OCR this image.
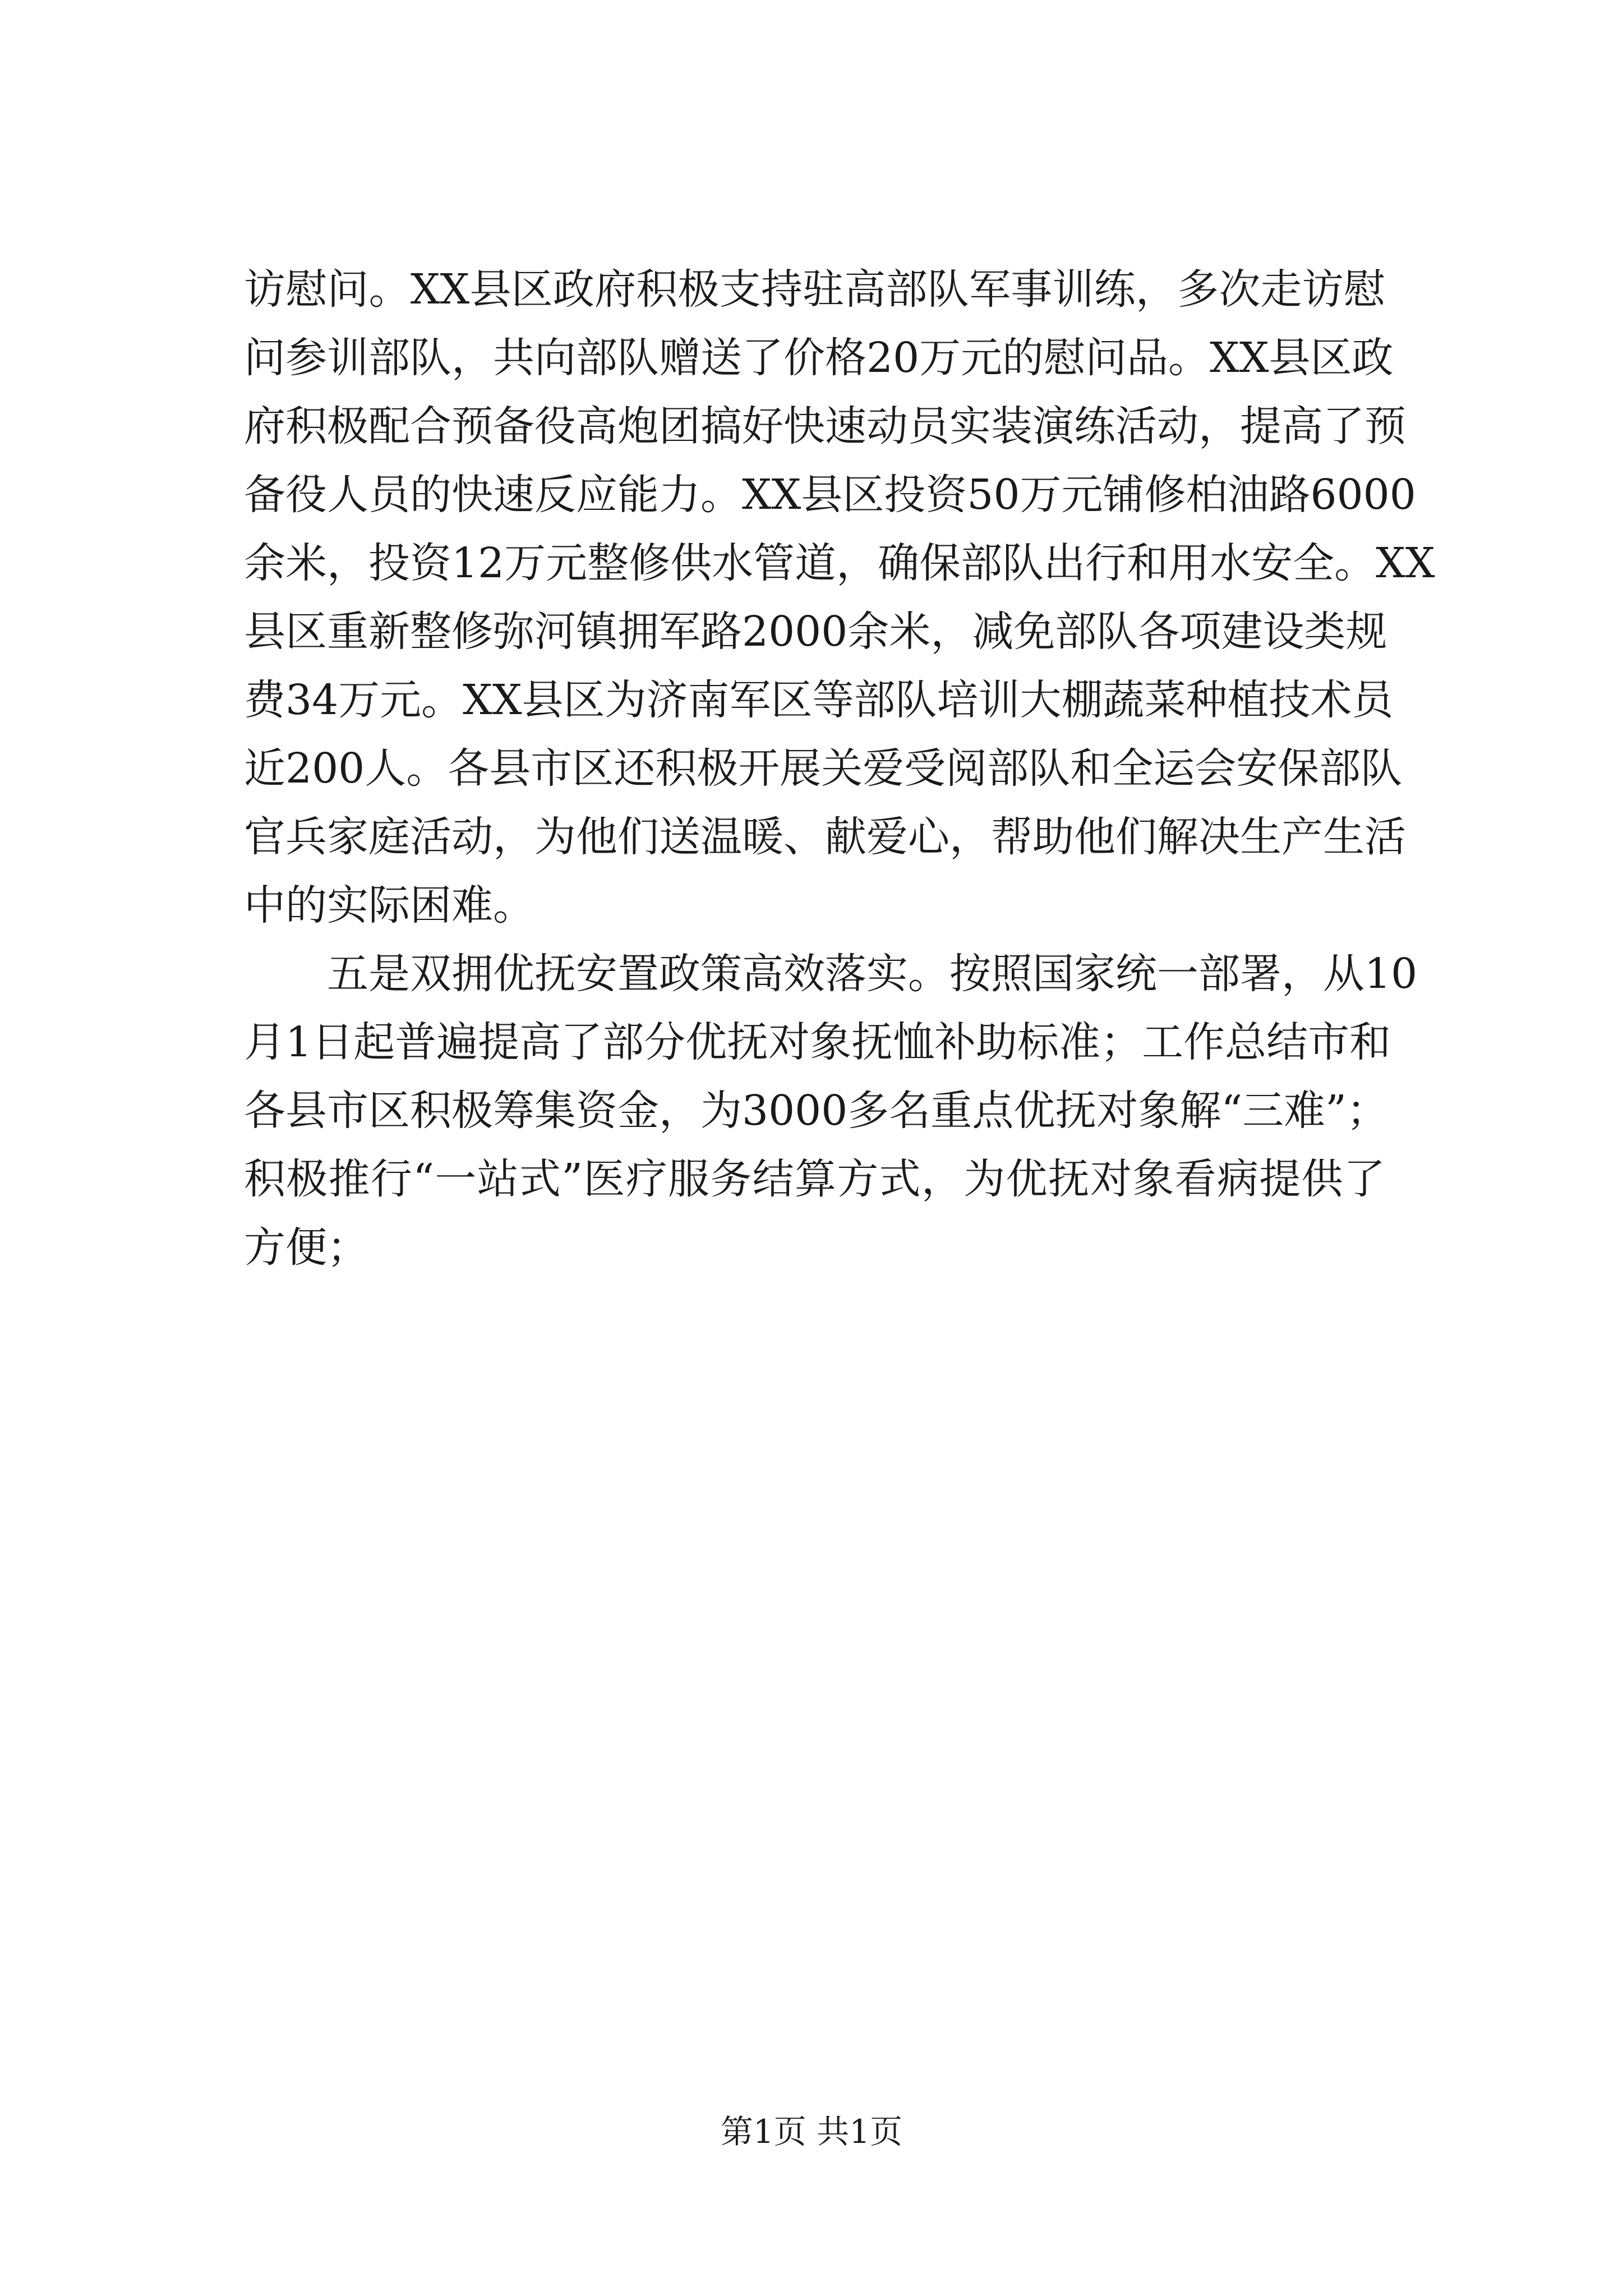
访慰问。XX县区政府积极支持驻高部队军事训练，多次走访慰
问参训部队，共向部队赠送了价格20万元的慰问品。XX县区政
府积极配合预备役高炮团搞好快速动员实装演练活动，提高了预
备役人员的快速反应能力。XX县区投资50万元铺修柏油路6000
余米，投资12万元整修供水管道，确保部队出行和用水安全。XX
县区重新整修弥河镇拥军路2000余米，减免部队各项建设类规
费34万元。XX县区为济南军区等部队培训大棚蔬菜种植技术员
近200人。各县市区还积极开展关爱受阅部队和全运会安保部队
官兵家庭活动，为他们送温暖、献爱心，帮助他们解决生产生活
中的实际困难。
五是双拥优抚安置政策高效落实。按照国家统一部署，从10
月1日起普遍提高了部分优抚对象抚恤补助标准；工作总结市和
各县市区积极筹集资金，为3000多名重点优抚对象解“三难”；
积极推行“一站式”医疗服务结算方式，为优抚对象看病提供了
方便；
第1页 共1页
